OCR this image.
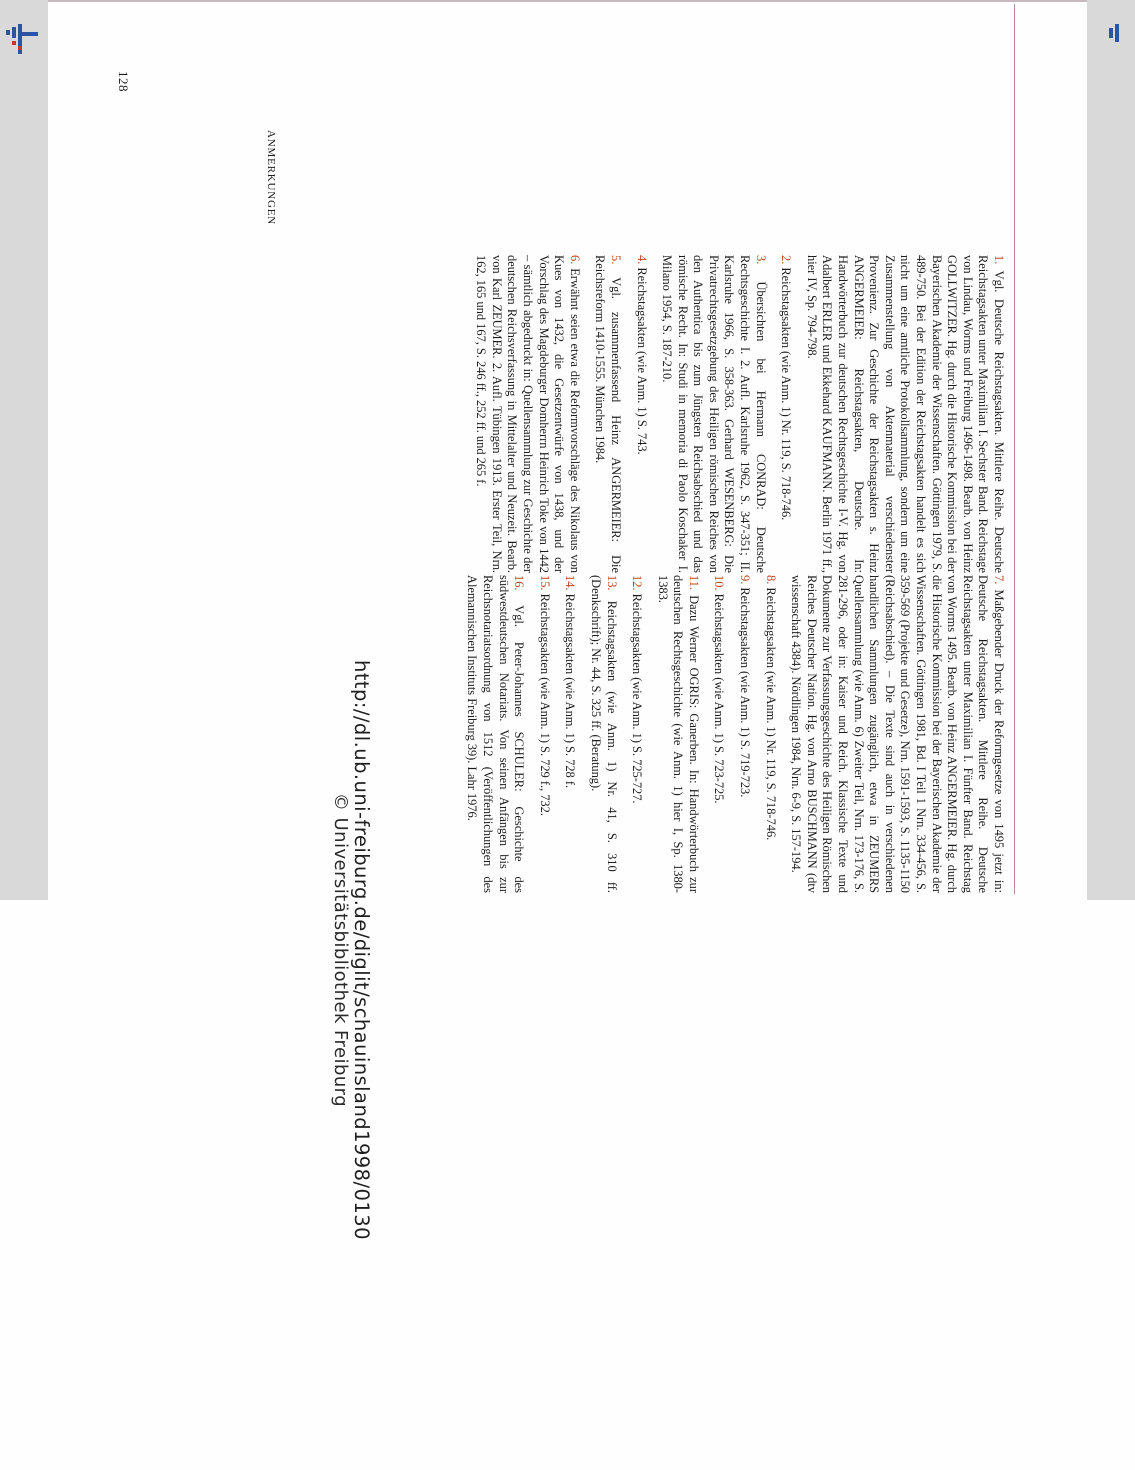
http://dl.ub.uni-freiburg.de/diglit/schauinsland1998/0130
© Universitätsbibliothek Freiburg
128
ANMERKUNGEN

1. Vgl. Deutsche Reichstagsakten. Mittlere Reihe. Deutsche Reichstagsakten unter Maximilian I. Sechster Band. Reichstage von Lindau, Worms und Freiburg 1496-1498. Bearb. von Heinz GOLLWITZER. Hg. durch die Historische Kommission bei der Bayerischen Akademie der Wissenschaften. Göttingen 1979, S. 489-750. Bei der Edition der Reichstagsakten handelt es sich nicht um eine amtliche Protokollsammlung, sondern um eine Zusammenstellung von Aktenmaterial verschiedenster Provenienz. Zur Geschichte der Reichstagsakten s. Heinz ANGERMEIER: Reichstagsakten, Deutsche. In: Handwörterbuch zur deutschen Rechtsgeschichte I-V. Hg. von Adalbert ERLER und Ekkehard KAUFMANN. Berlin 1971 ff., hier IV, Sp. 794-798.

2. Reichstagsakten (wie Anm. 1) Nr. 119, S. 718-746.

3. Übersichten bei Hermann CONRAD: Deutsche Rechtsgeschichte I. 2. Aufl. Karlsruhe 1962, S. 347-351; II. Karlsruhe 1966, S. 358-363. Gerhard WESENBERG: Die Privatrechtsgesetzgebung des Heiligen römischen Reiches von den Authentica bis zum Jüngsten Reichsabschied und das römische Recht. In: Studi in memoria di Paolo Koschaker I. Milano 1954, S. 187-210.

4. Reichstagsakten (wie Anm. 1) S. 743.

5. Vgl. zusammenfassend Heinz ANGERMEIER: Die Reichsreform 1410-1555. München 1984.

6. Erwähnt seien etwa die Reformvorschläge des Nikolaus von Kues von 1432, die Gesetzentwürfe von 1438, und der Vorschlag des Magdeburger Domherrn Heinrich Toke von 1442 – sämtlich abgedruckt in: Quellensammlung zur Geschichte der deutschen Reichsverfassung in Mittelalter und Neuzeit. Bearb. von Karl ZEUMER. 2. Aufl. Tübingen 1913. Erster Teil, Nrn. 162, 165 und 167, S. 246 ff., 252 ff. und 265 f.

7. Maßgebender Druck der Reformgesetze von 1495 jetzt in: Deutsche Reichstagsakten. Mittlere Reihe. Deutsche Reichstagsakten unter Maximilian I. Fünfter Band. Reichstag von Worms 1495. Bearb. von Heinz ANGERMEIER. Hg. durch die Historische Kommission bei der Bayerischen Akademie der Wissenschaften. Göttingen 1981, Bd. I Teil 1 Nrn. 334-456, S. 359-569 (Projekte und Gesetze), Nrn. 1591-1593, S. 1135-1150 (Reichsabschied). – Die Texte sind auch in verschiedenen handlichen Sammlungen zugänglich, etwa in ZEUMERS Quellensammlung (wie Anm. 6) Zweiter Teil, Nrn. 173-176, S. 281-296, oder in: Kaiser und Reich. Klassische Texte und Dokumente zur Verfassungsgeschichte des Heiligen Römischen Reiches Deutscher Nation. Hg. von Arno BUSCHMANN (dtv wissenschaft 4384). Nördlingen 1984, Nrn. 6-9, S. 157-194.

8. Reichstagsakten (wie Anm. 1) Nr. 119, S. 718-746.

9. Reichstagsakten (wie Anm. 1) S. 719-723.

10. Reichstagsakten (wie Anm. 1) S. 723-725.

11. Dazu Werner OGRIS: Ganerben. In: Handwörterbuch zur deutschen Rechtsgeschichte (wie Anm. 1) hier I, Sp. 1380-1383.

12. Reichstagsakten (wie Anm. 1) S. 725-727.

13. Reichstagsakten (wie Anm. 1) Nr. 41, S. 310 ff. (Denkschrift); Nr. 44, S. 325 ff. (Beratung).

14. Reichstagsakten (wie Anm. 1) S. 728 f.

15. Reichstagsakten (wie Anm. 1) S. 729 f., 732.

16. Vgl. Peter-Johannes SCHULER: Geschichte des südwestdeutschen Notariats. Von seinen Anfängen bis zur Reichsnotariatsordnung von 1512 (Veröffentlichungen des Alemannischen Instituts Freiburg 39). Lahr 1976.
